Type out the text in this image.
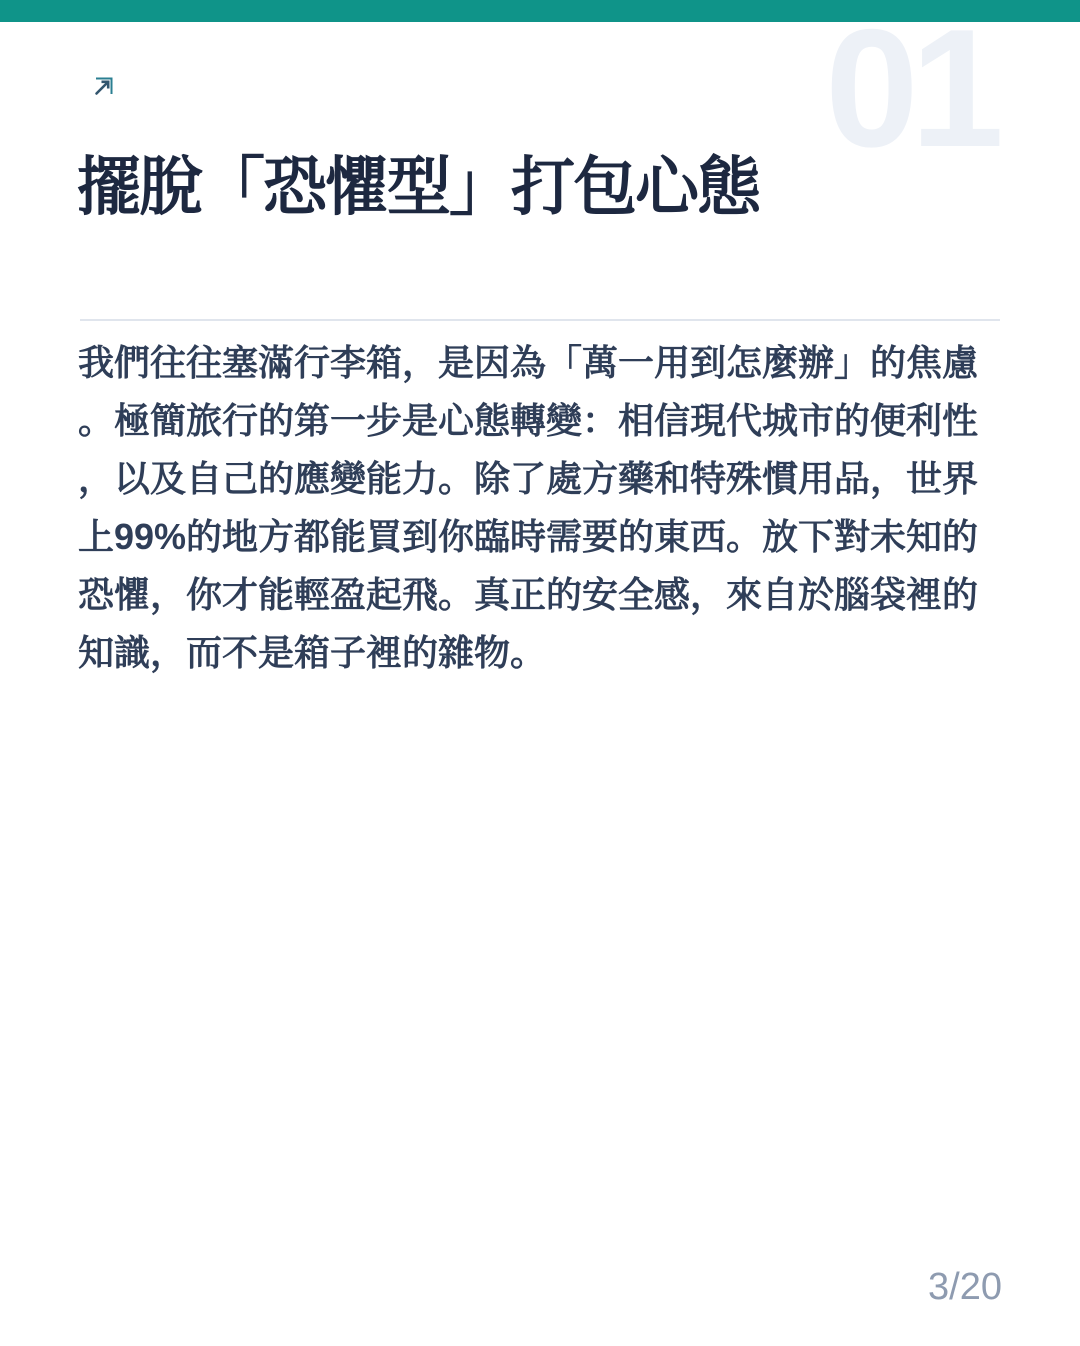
01
擺脫「恐懼型」打包心態

我們往往塞滿行李箱，是因為「萬一用到怎麼辦」的焦慮。極簡旅行的第一步是心態轉變：相信現代城市的便利性，以及自己的應變能力。除了處方藥和特殊慣用品，世界上99%的地方都能買到你臨時需要的東西。放下對未知的恐懼，你才能輕盈起飛。真正的安全感，來自於腦袋裡的知識，而不是箱子裡的雜物。

3/20
